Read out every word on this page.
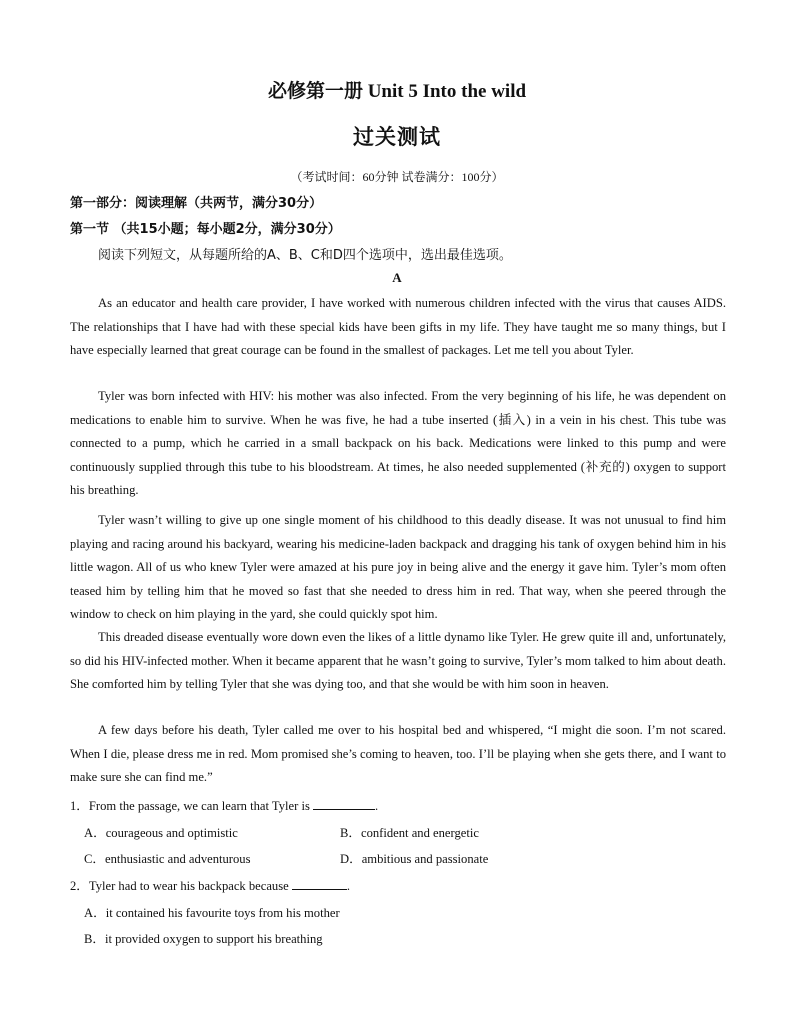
必修第一册 Unit 5 Into the wild
过关测试
（考试时间：60分钟 试卷满分：100分）
第一部分：阅读理解（共两节，满分30分）
第一节 （共15小题；每小题2分，满分30分）
阅读下列短文，从每题所给的A、B、C和D四个选项中，选出最佳选项。
A

As an educator and health care provider, I have worked with numerous children infected with the virus that causes AIDS. The relationships that I have had with these special kids have been gifts in my life. They have taught me so many things, but I have especially learned that great courage can be found in the smallest of packages. Let me tell you about Tyler.

Tyler was born infected with HIV: his mother was also infected. From the very beginning of his life, he was dependent on medications to enable him to survive. When he was five, he had a tube inserted (插入) in a vein in his chest. This tube was connected to a pump, which he carried in a small backpack on his back. Medications were linked to this pump and were continuously supplied through this tube to his bloodstream. At times, he also needed supplemented (补充的) oxygen to support his breathing.

Tyler wasn’t willing to give up one single moment of his childhood to this deadly disease. It was not unusual to find him playing and racing around his backyard, wearing his medicine-laden backpack and dragging his tank of oxygen behind him in his little wagon. All of us who knew Tyler were amazed at his pure joy in being alive and the energy it gave him. Tyler’s mom often teased him by telling him that he moved so fast that she needed to dress him in red. That way, when she peered through the window to check on him playing in the yard, she could quickly spot him.

This dreaded disease eventually wore down even the likes of a little dynamo like Tyler. He grew quite ill and, unfortunately, so did his HIV-infected mother. When it became apparent that he wasn’t going to survive, Tyler’s mom talked to him about death. She comforted him by telling Tyler that she was dying too, and that she would be with him soon in heaven.

A few days before his death, Tyler called me over to his hospital bed and whispered, “I might die soon. I’m not scared. When I die, please dress me in red. Mom promised she’s coming to heaven, too. I’ll be playing when she gets there, and I want to make sure she can find me.”

1．From the passage, we can learn that Tyler is	.
A．courageous and optimistic	B．confident and energetic
C．enthusiastic and adventurous	D．ambitious and passionate
2．Tyler had to wear his backpack because	.
A．it contained his favourite toys from his mother
B．it provided oxygen to support his breathing
